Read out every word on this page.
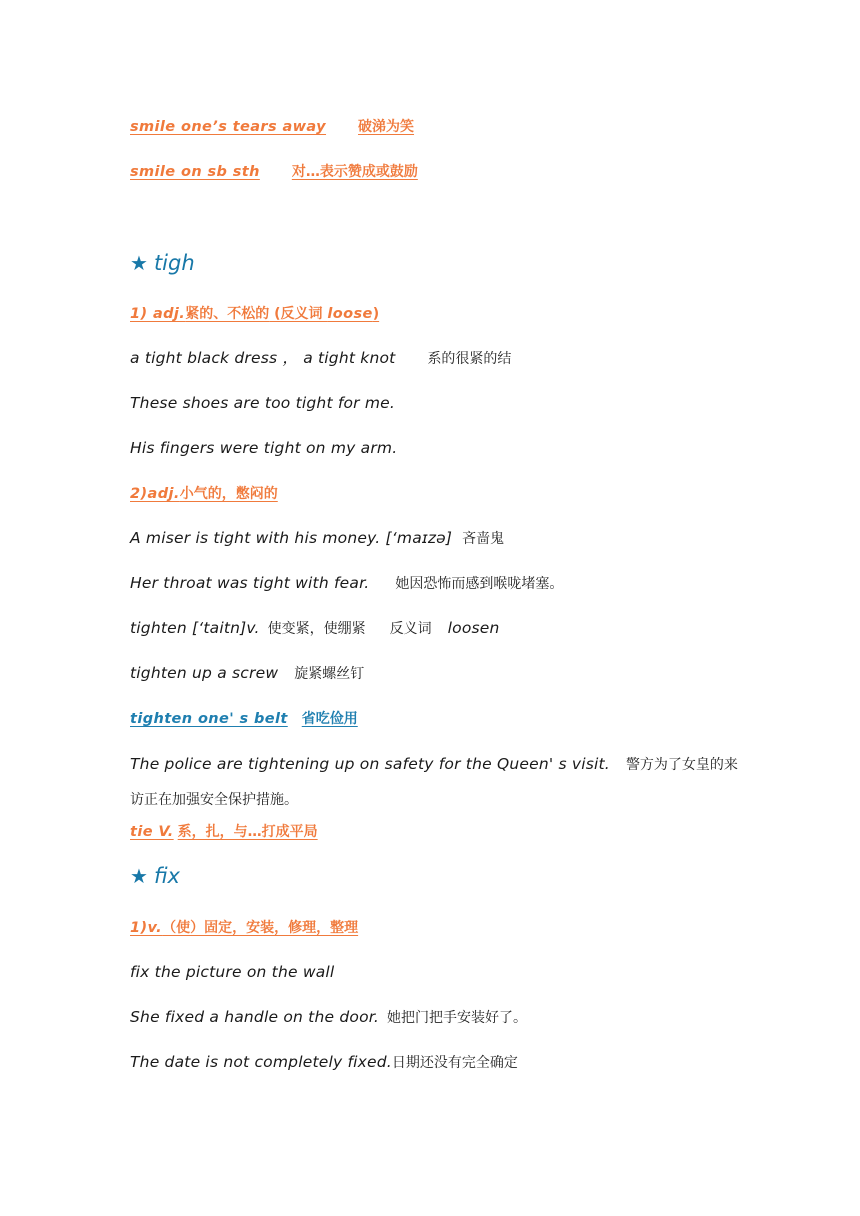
smile one’s tears away 破涕为笑
smile on sb sth 对…表示赞成或鼓励
★ tigh
1) adj.紧的、不松的 (反义词 loose)
a tight black dress ， a tight knot 系的很紧的结
These shoes are too tight for me.
His fingers were tight on my arm.
2)adj.小气的，憋闷的
A miser is tight with his money. [‘maɪzə] 吝啬鬼
Her throat was tight with fear. 她因恐怖而感到喉咙堵塞。
tighten [‘taitn]v. 使变紧，使绷紧 反义词 loosen
tighten up a screw 旋紧螺丝钉
tighten one' s belt 省吃俭用
The police are tightening up on safety for the Queen' s visit. 警方为了女皇的来访正在加强安全保护措施。
tie V. 系，扎，与…打成平局
★ fix
1)v.（使）固定，安装，修理，整理
fix the picture on the wall
She fixed a handle on the door. 她把门把手安装好了。
The date is not completely fixed.日期还没有完全确定
